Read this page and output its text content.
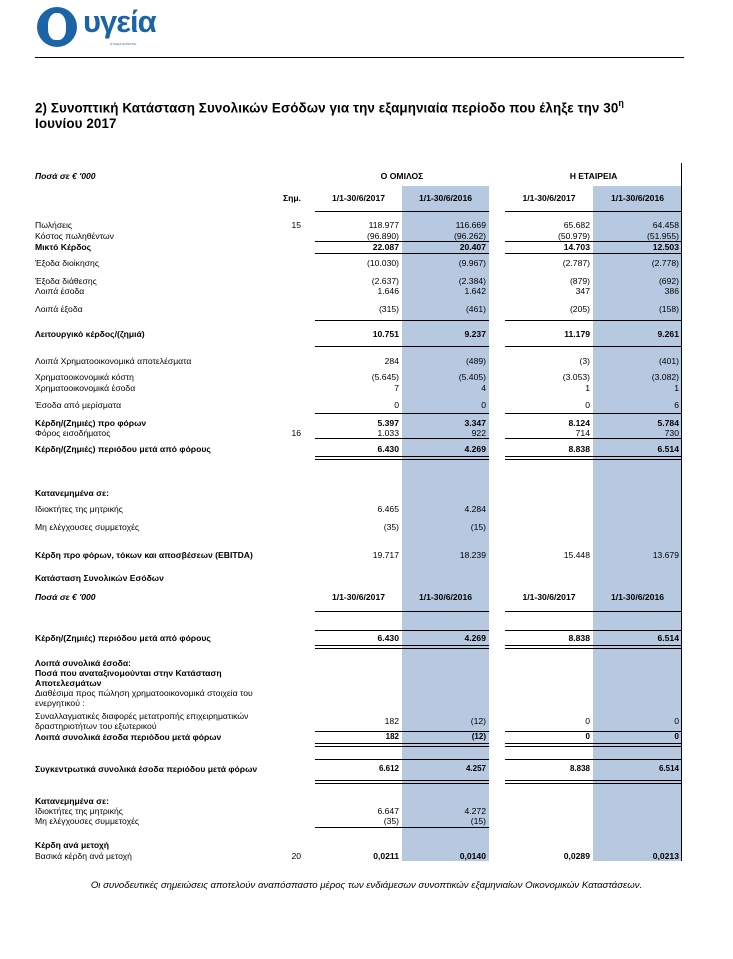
υγεία
HYGEIA HOSPITAL
2) Συνοπτική Κατάσταση Συνολικών Εσόδων για την εξαμηνιαία περίοδο που έληξε την $30^\eta$
Ιουνίου 2017
Ποσά σε € '000	Ο ΟΜΙΛΟΣ	Η ΕΤΑΙΡΕΙΑ
Σημ.	1/1-30/6/2017	1/1-30/6/2016	1/1-30/6/2017	1/1-30/6/2016
Πωλήσεις	15	118.977	116.669	65.682	64.458
Κόστος πωληθέντων	(96.890)	(96.262)	(50.979)	(51.955)
Μικτό Κέρδος	22.087	20.407	14.703	12.503
Έξοδα διοίκησης	(10.030)	(9.967)	(2.787)	(2.778)
Έξοδα διάθεσης	(2.637)	(2.384)	(879)	(692)
Λοιπά έσοδα	1.646	1.642	347	386
Λοιπά έξοδα	(315)	(461)	(205)	(158)
Λειτουργικό κέρδος/(ζημιά)	10.751	9.237	11.179	9.261
Λοιπά Χρηματοοικονομικά αποτελέσματα	284	(489)	(3)	(401)
Χρηματοοικονομικά κόστη	(5.645)	(5.405)	(3.053)	(3.082)
Χρηματοοικονομικά έσοδα	7	4	1	1
Έσοδα από μερίσματα	0	0	0	6
Κέρδη/(Ζημιές) προ φόρων	5.397	3.347	8.124	5.784
Φόρος εισοδήματος	16	1.033	922	714	730
Κέρδη/(Ζημιές) περιόδου μετά από φόρους	6.430	4.269	8.838	6.514
Κατανεμημένα σε:
Ιδιοκτήτες της μητρικής	6.465	4.284
Μη ελέγχουσες συμμετοχές	(35)	(15)
Κέρδη προ φόρων, τόκων και αποσβέσεων (EBITDA)	19.717	18.239	15.448	13.679
Κατάσταση Συνολικών Εσόδων
Ποσά σε € '000	1/1-30/6/2017	1/1-30/6/2016	1/1-30/6/2017	1/1-30/6/2016
Κέρδη/(Ζημιές) περιόδου μετά από φόρους	6.430	4.269	8.838	6.514
Λοιπά συνολικά έσοδα:
Ποσά που αναταξινομούνται στην Κατάσταση
Αποτελεσμάτων
Διαθέσιμα προς πώληση χρηματοοικονομικά στοιχεία του
ενεργητικού :
Συναλλαγματικές διαφορές μετατροπής επιχειρηματικών
δραστηριοτήτων του εξωτερικού	182	(12)	0	0
Λοιπά συνολικά έσοδα περιόδου μετά φόρων	182	(12)	0	0
Συγκεντρωτικά συνολικά έσοδα περιόδου μετά φόρων	6.612	4.257	8.838	6.514
Κατανεμημένα σε:
Ιδιοκτήτες της μητρικής	6.647	4.272
Μη ελέγχουσες συμμετοχές	(35)	(15)
Κέρδη ανά μετοχή
Βασικά κέρδη ανά μετοχή	20	0,0211	0,0140	0,0289	0,0213
Οι συνοδευτικές σημειώσεις αποτελούν αναπόσπαστο μέρος των ενδιάμεσων συνοπτικών εξαμηνιαίων Οικονομικών Καταστάσεων.
